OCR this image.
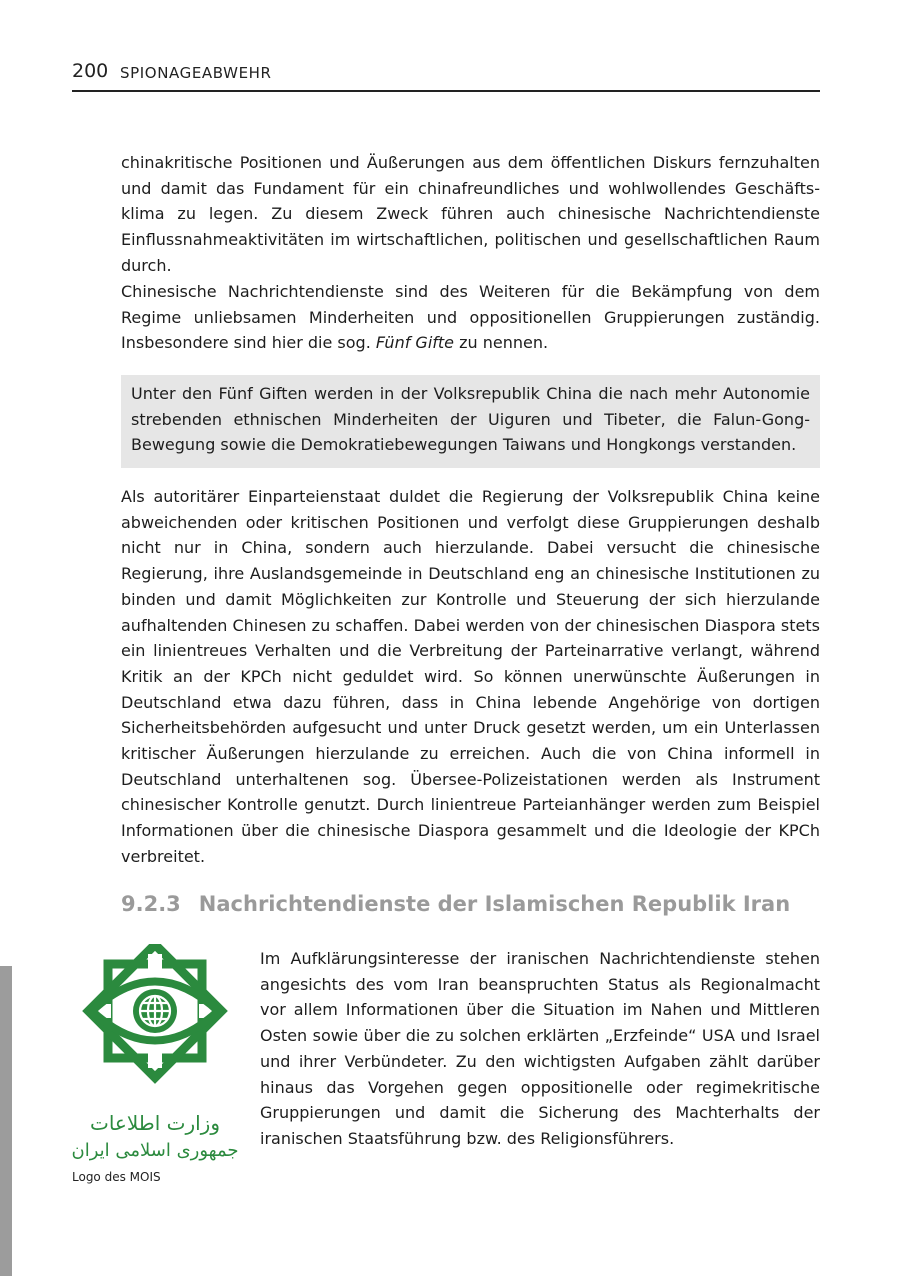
200 SPIONAGEABWEHR

chinakritische Positionen und Äußerungen aus dem öffentlichen Diskurs fernzuhalten und damit das Fundament für ein chinafreundliches und wohlwollendes Geschäftsklima zu legen. Zu diesem Zweck führen auch chinesische Nachrichtendienste Einflussnahmeaktivitäten im wirtschaftlichen, politischen und gesellschaftlichen Raum durch.

Chinesische Nachrichtendienste sind des Weiteren für die Bekämpfung von dem Regime unliebsamen Minderheiten und oppositionellen Gruppierungen zuständig. Insbesondere sind hier die sog. Fünf Gifte zu nennen.

Unter den Fünf Giften werden in der Volksrepublik China die nach mehr Autonomie strebenden ethnischen Minderheiten der Uiguren und Tibeter, die Falun-Gong-Bewegung sowie die Demokratiebewegungen Taiwans und Hongkongs verstanden.

Als autoritärer Einparteienstaat duldet die Regierung der Volksrepublik China keine abweichenden oder kritischen Positionen und verfolgt diese Gruppierungen deshalb nicht nur in China, sondern auch hierzulande. Dabei versucht die chinesische Regierung, ihre Auslandsgemeinde in Deutschland eng an chinesische Institutionen zu binden und damit Möglichkeiten zur Kontrolle und Steuerung der sich hierzulande aufhaltenden Chinesen zu schaffen. Dabei werden von der chinesischen Diaspora stets ein linientreues Verhalten und die Verbreitung der Parteinarrative verlangt, während Kritik an der KPCh nicht geduldet wird. So können unerwünschte Äußerungen in Deutschland etwa dazu führen, dass in China lebende Angehörige von dortigen Sicherheitsbehörden aufgesucht und unter Druck gesetzt werden, um ein Unterlassen kritischer Äußerungen hierzulande zu erreichen. Auch die von China informell in Deutschland unterhaltenen sog. Übersee-Polizeistationen werden als Instrument chinesischer Kontrolle genutzt. Durch linientreue Parteianhänger werden zum Beispiel Informationen über die chinesische Diaspora gesammelt und die Ideologie der KPCh verbreitet.

9.2.3 Nachrichtendienste der Islamischen Republik Iran
وزارت اطلاعات
جمهوری اسلامی ایران
Logo des MOIS

Im Aufklärungsinteresse der iranischen Nachrichtendienste stehen angesichts des vom Iran beanspruchten Status als Regionalmacht vor allem Informationen über die Situation im Nahen und Mittleren Osten sowie über die zu solchen erklärten „Erzfeinde“ USA und Israel und ihrer Verbündeter. Zu den wichtigsten Aufgaben zählt darüber hinaus das Vorgehen gegen oppositionelle oder regimekritische Gruppierungen und damit die Sicherung des Machterhalts der iranischen Staatsführung bzw. des Religionsführers.
